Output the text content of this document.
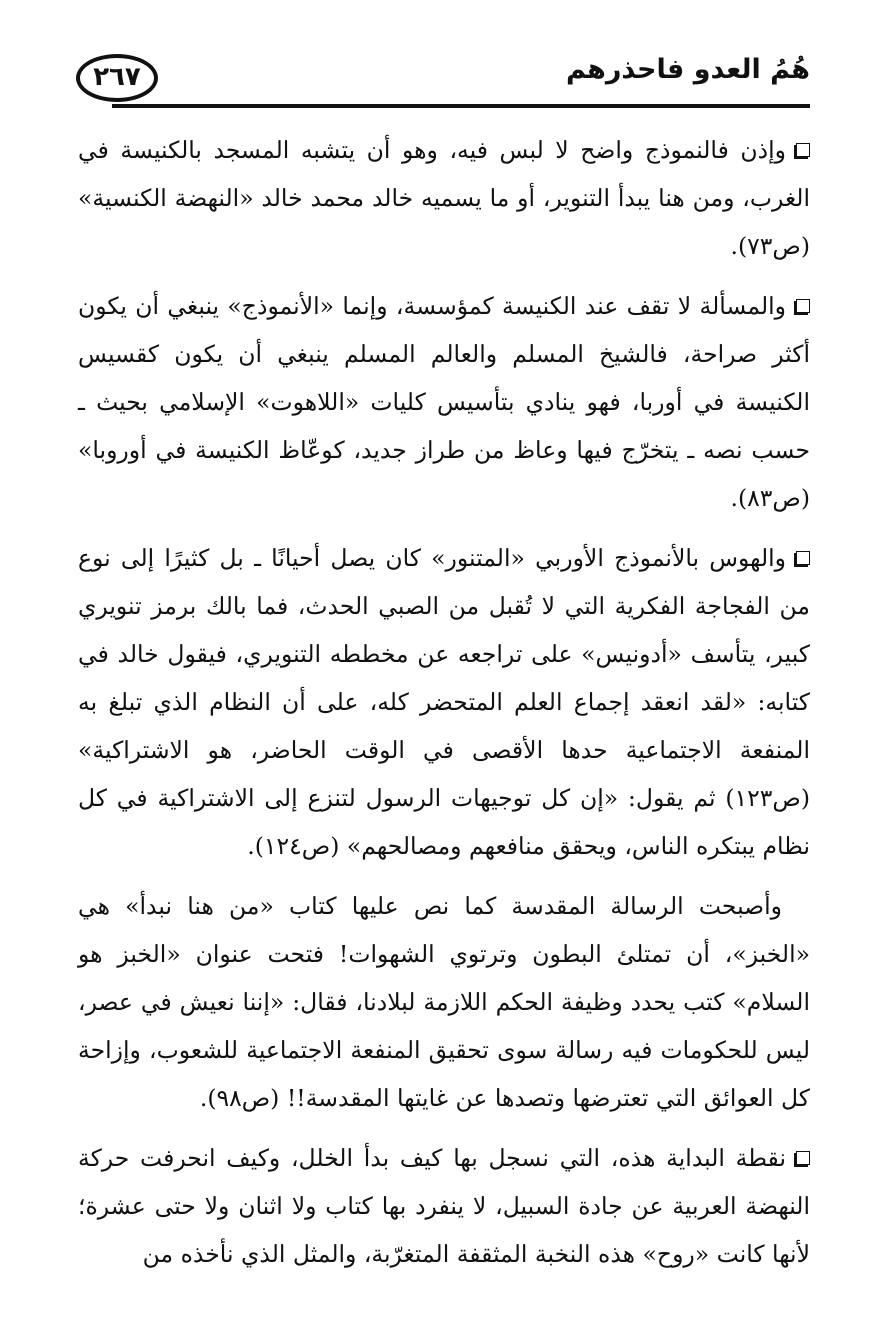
٢٦٧	هُمُ العدو فاحذرهم

وإذن فالنموذج واضح لا لبس فيه، وهو أن يتشبه المسجد بالكنيسة في الغرب، ومن هنا يبدأ التنوير، أو ما يسميه خالد محمد خالد «النهضة الكنسية» (ص٧٣).

والمسألة لا تقف عند الكنيسة كمؤسسة، وإنما «الأنموذج» ينبغي أن يكون أكثر صراحة، فالشيخ المسلم والعالم المسلم ينبغي أن يكون كقسيس الكنيسة في أوربا، فهو ينادي بتأسيس كليات «اللاهوت» الإسلامي بحيث ـ حسب نصه ـ يتخرّج فيها وعاظ من طراز جديد، كوعّاظ الكنيسة في أوروبا» (ص٨٣).

والهوس بالأنموذج الأوربي «المتنور» كان يصل أحيانًا ـ بل كثيرًا إلى نوع من الفجاجة الفكرية التي لا تُقبل من الصبي الحدث، فما بالك برمز تنويري كبير، يتأسف «أدونيس» على تراجعه عن مخططه التنويري، فيقول خالد في كتابه: «لقد انعقد إجماع العلم المتحضر كله، على أن النظام الذي تبلغ به المنفعة الاجتماعية حدها الأقصى في الوقت الحاضر، هو الاشتراكية» (ص١٢٣) ثم يقول: «إن كل توجيهات الرسول لتنزع إلى الاشتراكية في كل نظام يبتكره الناس، ويحقق منافعهم ومصالحهم» (ص١٢٤).

وأصبحت الرسالة المقدسة كما نص عليها كتاب «من هنا نبدأ» هي «الخبز»، أن تمتلئ البطون وترتوي الشهوات! فتحت عنوان «الخبز هو السلام» كتب يحدد وظيفة الحكم اللازمة لبلادنا، فقال: «إننا نعيش في عصر، ليس للحكومات فيه رسالة سوى تحقيق المنفعة الاجتماعية للشعوب، وإزاحة كل العوائق التي تعترضها وتصدها عن غايتها المقدسة!! (ص٩٨).

نقطة البداية هذه، التي نسجل بها كيف بدأ الخلل، وكيف انحرفت حركة النهضة العربية عن جادة السبيل، لا ينفرد بها كتاب ولا اثنان ولا حتى عشرة؛ لأنها كانت «روح» هذه النخبة المثقفة المتغرّبة، والمثل الذي نأخذه من
